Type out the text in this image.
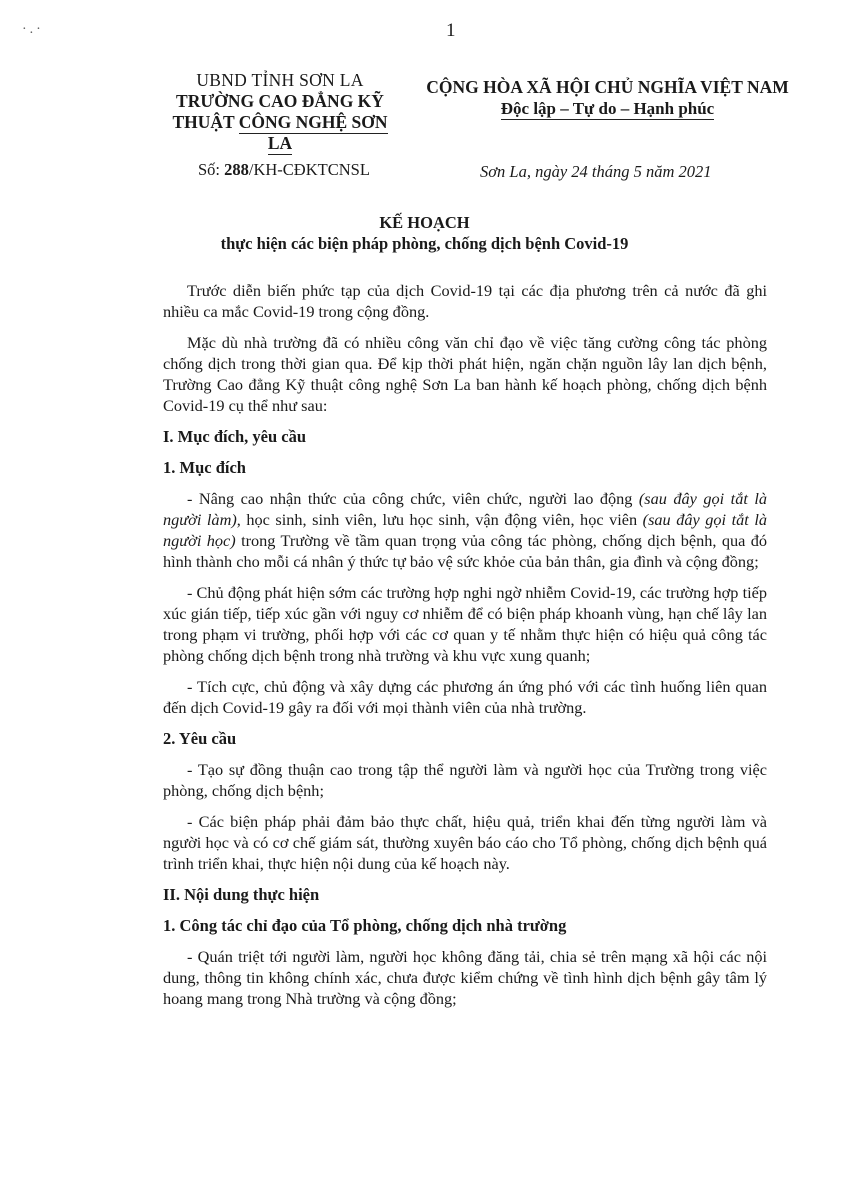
·.·	1
UBND TỈNH SƠN LA
TRƯỜNG CAO ĐẲNG KỸ
THUẬT CÔNG NGHỆ SƠN LA
CỘNG HÒA XÃ HỘI CHỦ NGHĨA VIỆT NAM
Độc lập – Tự do – Hạnh phúc
Số: 288/KH-CĐKTCNSL	Sơn La, ngày 24 tháng 5 năm 2021
KẾ HOẠCH
thực hiện các biện pháp phòng, chống dịch bệnh Covid-19

Trước diễn biến phức tạp của dịch Covid-19 tại các địa phương trên cả nước đã ghi nhiều ca mắc Covid-19 trong cộng đồng.

Mặc dù nhà trường đã có nhiều công văn chỉ đạo về việc tăng cường công tác phòng chống dịch trong thời gian qua. Để kịp thời phát hiện, ngăn chặn nguồn lây lan dịch bệnh, Trường Cao đẳng Kỹ thuật công nghệ Sơn La ban hành kế hoạch phòng, chống dịch bệnh Covid-19 cụ thể như sau:

I. Mục đích, yêu cầu
1. Mục đích

- Nâng cao nhận thức của công chức, viên chức, người lao động (sau đây gọi tắt là người làm), học sinh, sinh viên, lưu học sinh, vận động viên, học viên (sau đây gọi tắt là người học) trong Trường về tầm quan trọng vủa công tác phòng, chống dịch bệnh, qua đó hình thành cho mỗi cá nhân ý thức tự bảo vệ sức khỏe của bản thân, gia đình và cộng đồng;

- Chủ động phát hiện sớm các trường hợp nghi ngờ nhiễm Covid-19, các trường hợp tiếp xúc gián tiếp, tiếp xúc gần với nguy cơ nhiễm để có biện pháp khoanh vùng, hạn chế lây lan trong phạm vi trường, phối hợp với các cơ quan y tế nhằm thực hiện có hiệu quả công tác phòng chống dịch bệnh trong nhà trường và khu vực xung quanh;

- Tích cực, chủ động và xây dựng các phương án ứng phó với các tình huống liên quan đến dịch Covid-19 gây ra đối với mọi thành viên của nhà trường.

2. Yêu cầu

- Tạo sự đồng thuận cao trong tập thể người làm và người học của Trường trong việc phòng, chống dịch bệnh;

- Các biện pháp phải đảm bảo thực chất, hiệu quả, triển khai đến từng người làm và người học và có cơ chế giám sát, thường xuyên báo cáo cho Tổ phòng, chống dịch bệnh quá trình triển khai, thực hiện nội dung của kế hoạch này.

II. Nội dung thực hiện
1. Công tác chỉ đạo của Tổ phòng, chống dịch nhà trường

- Quán triệt tới người làm, người học không đăng tải, chia sẻ trên mạng xã hội các nội dung, thông tin không chính xác, chưa được kiểm chứng về tình hình dịch bệnh gây tâm lý hoang mang trong Nhà trường và cộng đồng;
